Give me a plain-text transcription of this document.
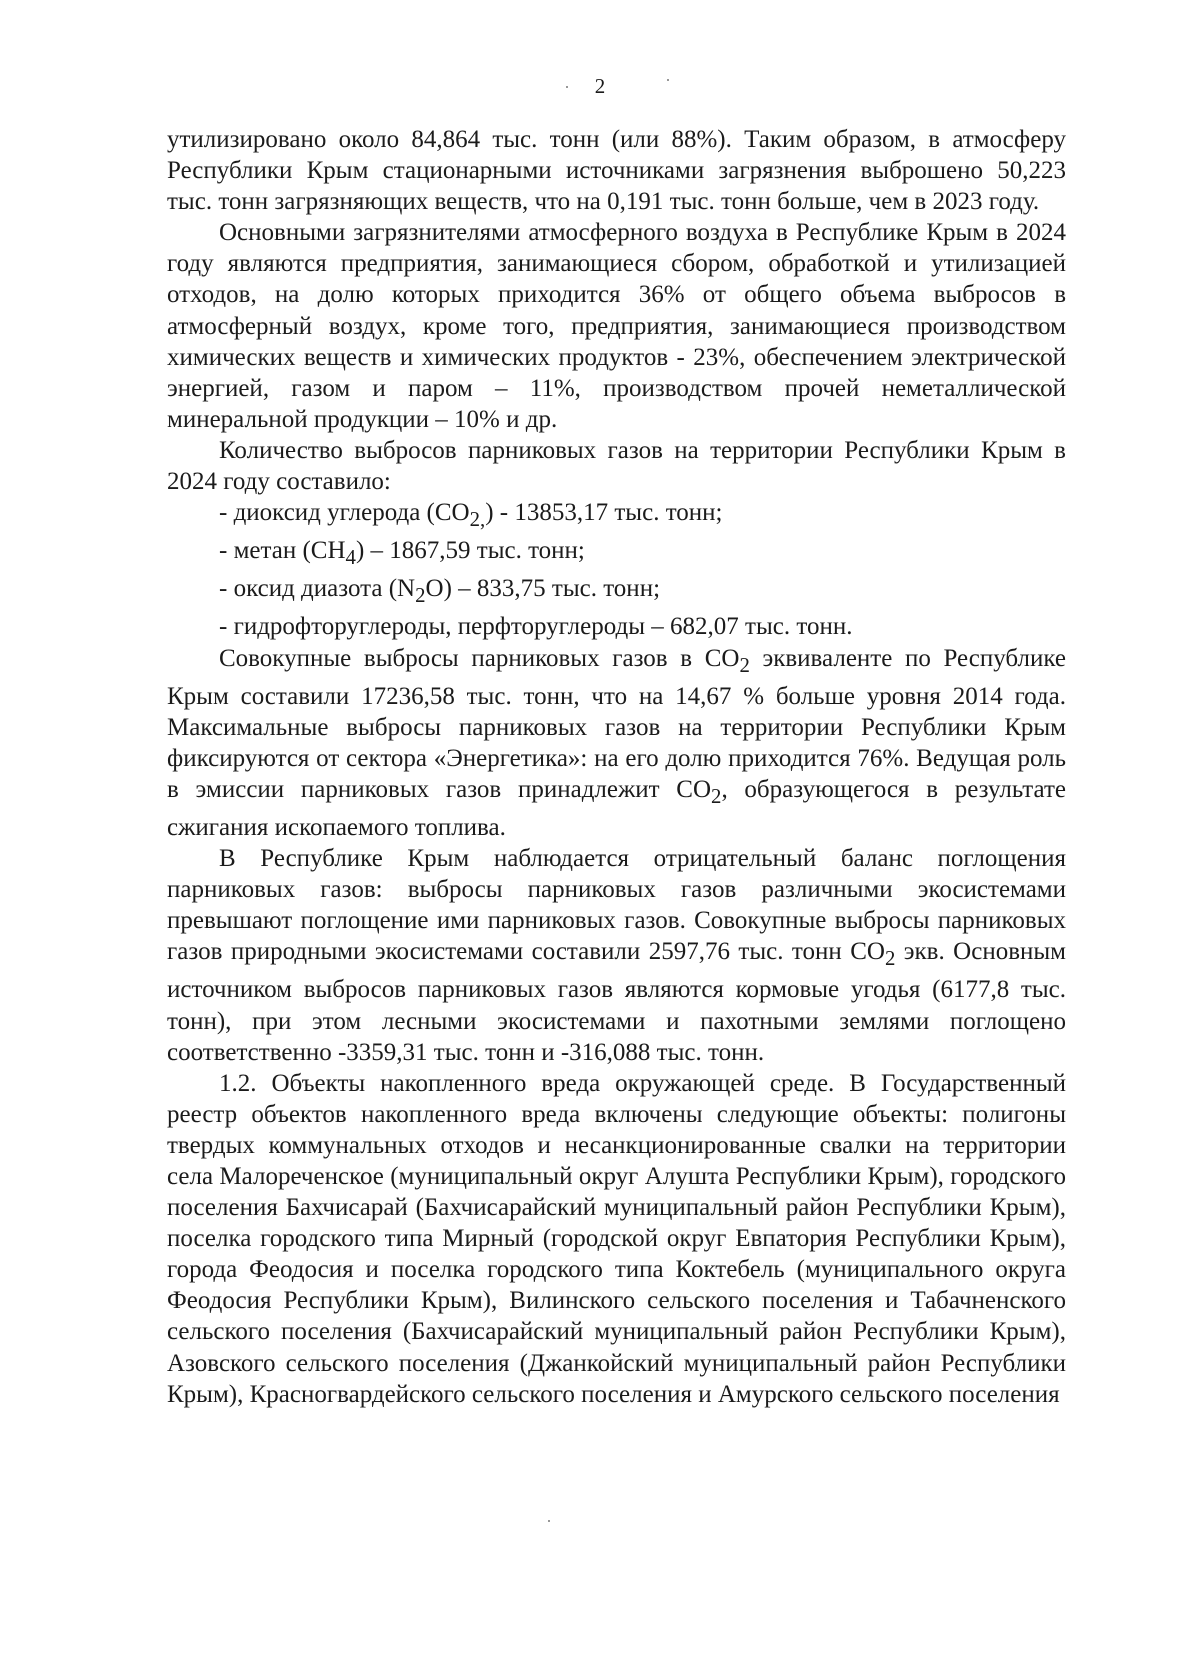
2

утилизировано около 84,864 тыс. тонн (или 88%). Таким образом, в атмосферу Республики Крым стационарными источниками загрязнения выброшено 50,223 тыс. тонн загрязняющих веществ, что на 0,191 тыс. тонн больше, чем в 2023 году.

Основными загрязнителями атмосферного воздуха в Республике Крым в 2024 году являются предприятия, занимающиеся сбором, обработкой и утилизацией отходов, на долю которых приходится 36% от общего объема выбросов в атмосферный воздух, кроме того, предприятия, занимающиеся производством химических веществ и химических продуктов - 23%, обеспечением электрической энергией, газом и паром – 11%, производством прочей неметаллической минеральной продукции – 10% и др.

Количество выбросов парниковых газов на территории Республики Крым в 2024 году составило:

- диоксид углерода $(CO_{2,}) - 13853,17$ тыс. тонн;

- метан $(CH_4) - 1867,59$ тыс. тонн;

- оксид диазота $(N_2O) - 833,75$ тыс. тонн;

- гидрофторуглероды, перфторуглероды – 682,07 тыс. тонн.

Совокупные выбросы парниковых газов в $CO_2$ эквиваленте по Республике Крым составили 17236,58 тыс. тонн, что на 14,67 % больше уровня 2014 года. Максимальные выбросы парниковых газов на территории Республики Крым фиксируются от сектора «Энергетика»: на его долю приходится 76%. Ведущая роль в эмиссии парниковых газов принадлежит $CO_2$, образующегося в результате сжигания ископаемого топлива.

В Республике Крым наблюдается отрицательный баланс поглощения парниковых газов: выбросы парниковых газов различными экосистемами превышают поглощение ими парниковых газов. Совокупные выбросы парниковых газов природными экосистемами составили 2597,76 тыс. тонн $CO_2$ экв. Основным источником выбросов парниковых газов являются кормовые угодья (6177,8 тыс. тонн), при этом лесными экосистемами и пахотными землями поглощено соответственно -3359,31 тыс. тонн и -316,088 тыс. тонн.

1.2. Объекты накопленного вреда окружающей среде. В Государственный реестр объектов накопленного вреда включены следующие объекты: полигоны твердых коммунальных отходов и несанкционированные свалки на территории села Малореченское (муниципальный округ Алушта Республики Крым), городского поселения Бахчисарай (Бахчисарайский муниципальный район Республики Крым), поселка городского типа Мирный (городской округ Евпатория Республики Крым), города Феодосия и поселка городского типа Коктебель (муниципального округа Феодосия Республики Крым), Вилинского сельского поселения и Табачненского сельского поселения (Бахчисарайский муниципальный район Республики Крым), Азовского сельского поселения (Джанкойский муниципальный район Республики Крым), Красногвардейского сельского поселения и Амурского сельского поселения
